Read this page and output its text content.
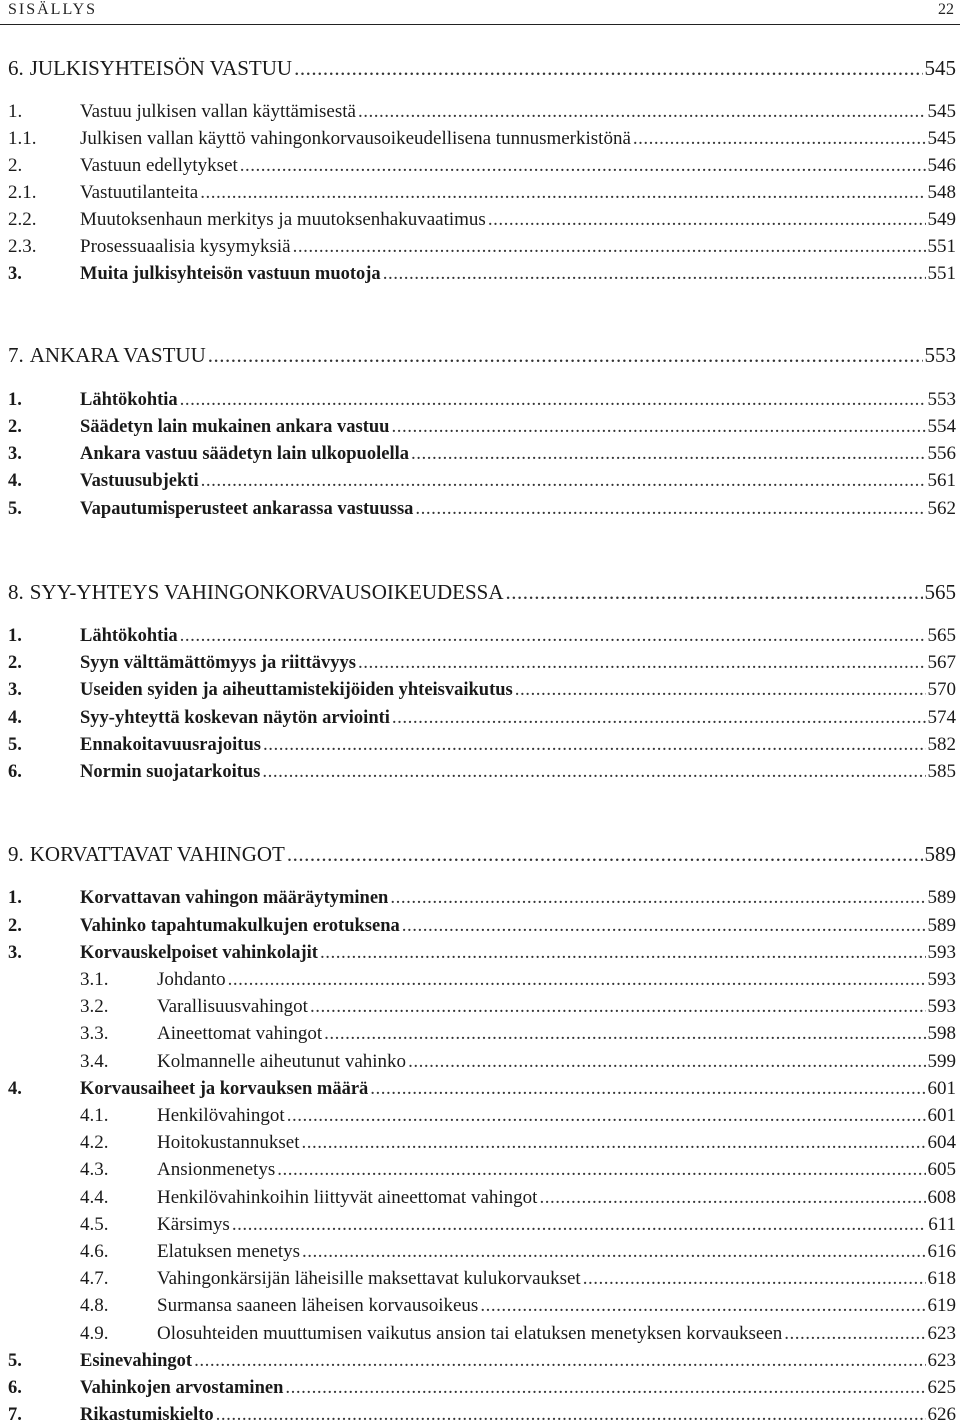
SISÄLLYS	22
6. JULKISYHTEISÖN VASTUU .....	545
1.	Vastuu julkisen vallan käyttämisestä .....	545
1.1.	Julkisen vallan käyttö vahingonkorvausoikeudellisena tunnusmerkistönä .....	545
2.	Vastuun edellytykset .....	546
2.1.	Vastuutilanteita .....	548
2.2.	Muutoksenhaun merkitys ja muutoksenhakuvaatimus .....	549
2.3.	Prosessuaalisia kysymyksiä .....	551
3.	Muita julkisyhteisön vastuun muotoja .....	551
7. ANKARA VASTUU .....	553
1.	Lähtökohtia .....	553
2.	Säädetyn lain mukainen ankara vastuu .....	554
3.	Ankara vastuu säädetyn lain ulkopuolella .....	556
4.	Vastuusubjekti .....	561
5.	Vapautumisperusteet ankarassa vastuussa .....	562
8. SYY-YHTEYS VAHINGONKORVAUSOIKEUDESSA .....	565
1.	Lähtökohtia .....	565
2.	Syyn välttämättömyys ja riittävyys .....	567
3.	Useiden syiden ja aiheuttamistekijöiden yhteisvaikutus .....	570
4.	Syy-yhteyttä koskevan näytön arviointi .....	574
5.	Ennakoitavuusrajoitus .....	582
6.	Normin suojatarkoitus .....	585
9. KORVATTAVAT VAHINGOT .....	589
1.	Korvattavan vahingon määräytyminen .....	589
2.	Vahinko tapahtumakulkujen erotuksena .....	589
3.	Korvauskelpoiset vahinkolajit .....	593
3.1.	Johdanto .....	593
3.2.	Varallisuusvahingot .....	593
3.3.	Aineettomat vahingot .....	598
3.4.	Kolmannelle aiheutunut vahinko .....	599
4.	Korvausaiheet ja korvauksen määrä .....	601
4.1.	Henkilövahingot .....	601
4.2.	Hoitokustannukset .....	604
4.3.	Ansionmenetys .....	605
4.4.	Henkilövahinkoihin liittyvät aineettomat vahingot .....	608
4.5.	Kärsimys .....	611
4.6.	Elatuksen menetys .....	616
4.7.	Vahingonkärsijän läheisille maksettavat kulukorvaukset .....	618
4.8.	Surmansa saaneen läheisen korvausoikeus .....	619
4.9.	Olosuhteiden muuttumisen vaikutus ansion tai elatuksen menetyksen korvaukseen .....	623
5.	Esinevahingot .....	623
6.	Vahinkojen arvostaminen .....	625
7.	Rikastumiskielto .....	626
